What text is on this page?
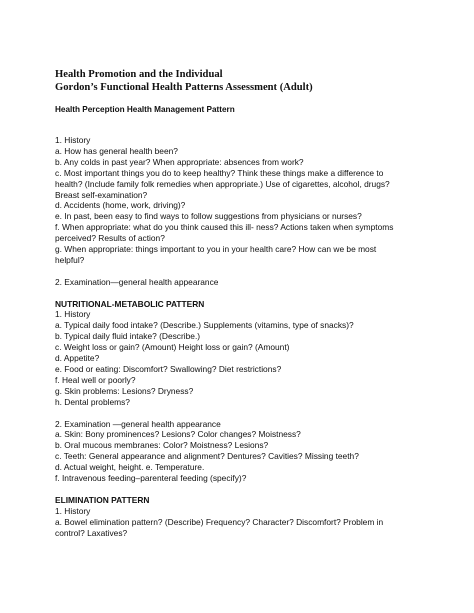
Health Promotion and the Individual
Gordon’s Functional Health Patterns Assessment (Adult)
Health Perception Health Management Pattern
1. History
a. How has general health been?
b. Any colds in past year? When appropriate: absences from work?
c. Most important things you do to keep healthy? Think these things make a difference to
health? (Include family folk remedies when appropriate.) Use of cigarettes, alcohol, drugs?
Breast self-examination?
d. Accidents (home, work, driving)?
e. In past, been easy to find ways to follow suggestions from physicians or nurses?
f. When appropriate: what do you think caused this ill- ness? Actions taken when symptoms
perceived? Results of action?
g. When appropriate: things important to you in your health care? How can we be most
helpful?
2. Examination—general health appearance
NUTRITIONAL-METABOLIC PATTERN
1. History
a. Typical daily food intake? (Describe.) Supplements (vitamins, type of snacks)?
b. Typical daily fluid intake? (Describe.)
c. Weight loss or gain? (Amount) Height loss or gain? (Amount)
d. Appetite?
e. Food or eating: Discomfort? Swallowing? Diet restrictions?
f. Heal well or poorly?
g. Skin problems: Lesions? Dryness?
h. Dental problems?
2. Examination —general health appearance
a. Skin: Bony prominences? Lesions? Color changes? Moistness?
b. Oral mucous membranes: Color? Moistness? Lesions?
c. Teeth: General appearance and alignment? Dentures? Cavities? Missing teeth?
d. Actual weight, height. e. Temperature.
f. Intravenous feeding–parenteral feeding (specify)?
ELIMINATION PATTERN
1. History
a. Bowel elimination pattern? (Describe) Frequency? Character? Discomfort? Problem in
control? Laxatives?
